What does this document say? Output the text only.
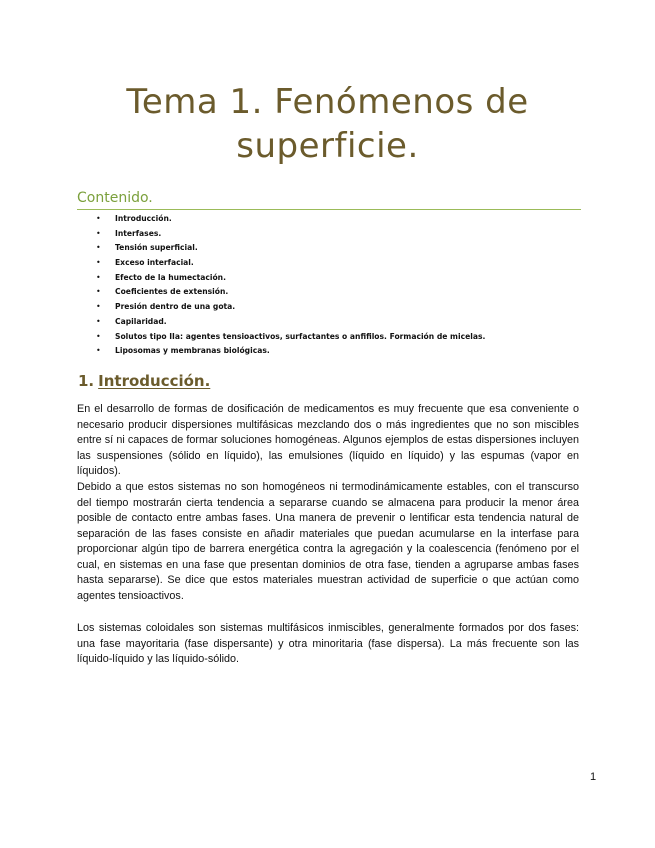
Tema 1. Fenómenos de superficie.
Contenido.
• Introducción.
• Interfases.
• Tensión superficial.
• Exceso interfacial.
• Efecto de la humectación.
• Coeficientes de extensión.
• Presión dentro de una gota.
• Capilaridad.
• Solutos tipo IIa: agentes tensioactivos, surfactantes o anfifilos. Formación de micelas.
• Liposomas y membranas biológicas.
1. Introducción.

En el desarrollo de formas de dosificación de medicamentos es muy frecuente que esa conveniente o necesario producir dispersiones multifásicas mezclando dos o más ingredientes que no son miscibles entre sí ni capaces de formar soluciones homogéneas. Algunos ejemplos de estas dispersiones incluyen las suspensiones (sólido en líquido), las emulsiones (líquido en líquido) y las espumas (vapor en líquidos).

Debido a que estos sistemas no son homogéneos ni termodinámicamente estables, con el transcurso del tiempo mostrarán cierta tendencia a separarse cuando se almacena para producir la menor área posible de contacto entre ambas fases. Una manera de prevenir o lentificar esta tendencia natural de separación de las fases consiste en añadir materiales que puedan acumularse en la interfase para proporcionar algún tipo de barrera energética contra la agregación y la coalescencia (fenómeno por el cual, en sistemas en una fase que presentan dominios de otra fase, tienden a agruparse ambas fases hasta separarse). Se dice que estos materiales muestran actividad de superficie o que actúan como agentes tensioactivos.

Los sistemas coloidales son sistemas multifásicos inmiscibles, generalmente formados por dos fases: una fase mayoritaria (fase dispersante) y otra minoritaria (fase dispersa). La más frecuente son las líquido-líquido y las líquido-sólido.

1
